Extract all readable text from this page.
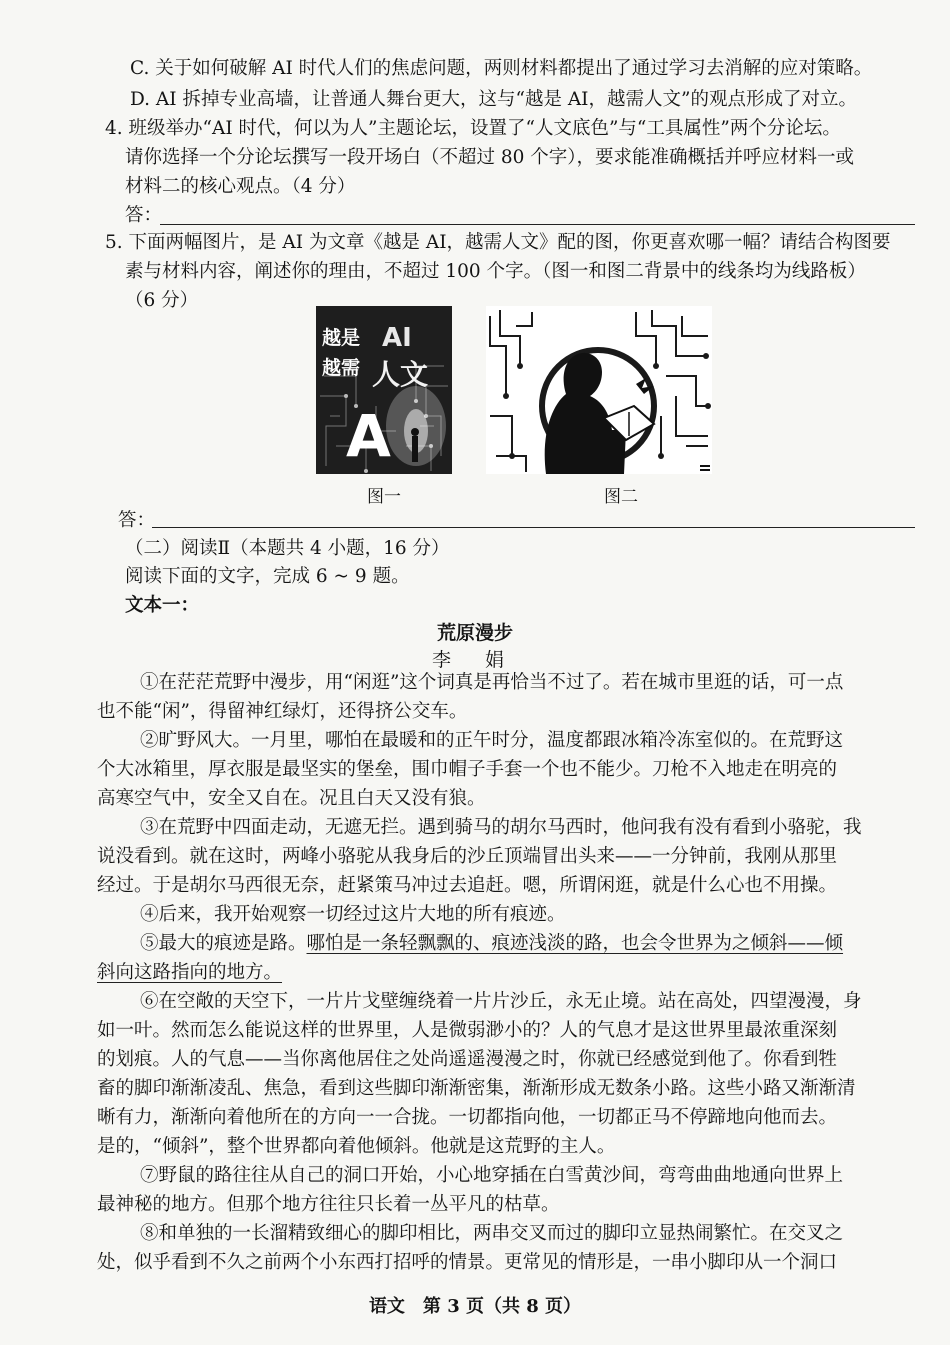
C. 关于如何破解 AI 时代人们的焦虑问题，两则材料都提出了通过学习去消解的应对策略。
D. AI 拆掉专业高墙，让普通人舞台更大，这与“越是 AI，越需人文”的观点形成了对立。
4. 班级举办“AI 时代，何以为人”主题论坛，设置了“人文底色”与“工具属性”两个分论坛。
请你选择一个分论坛撰写一段开场白（不超过 80 个字），要求能准确概括并呼应材料一或
材料二的核心观点。（4 分）
答：
5. 下面两幅图片，是 AI 为文章《越是 AI，越需人文》配的图，你更喜欢哪一幅？请结合构图要
素与材料内容，阐述你的理由，不超过 100 个字。（图一和图二背景中的线条均为线路板）
（6 分）
越是 AI
越需 人文
A
图一	图二
答：
（二）阅读Ⅱ（本题共 4 小题，16 分）
阅读下面的文字，完成 6 ~ 9 题。
文本一：
荒原漫步
李 娟
①在茫茫荒野中漫步，用“闲逛”这个词真是再恰当不过了。若在城市里逛的话，可一点
也不能“闲”，得留神红绿灯，还得挤公交车。
②旷野风大。一月里，哪怕在最暖和的正午时分，温度都跟冰箱冷冻室似的。在荒野这
个大冰箱里，厚衣服是最坚实的堡垒，围巾帽子手套一个也不能少。刀枪不入地走在明亮的
高寒空气中，安全又自在。况且白天又没有狼。
③在荒野中四面走动，无遮无拦。遇到骑马的胡尔马西时，他问我有没有看到小骆驼，我
说没看到。就在这时，两峰小骆驼从我身后的沙丘顶端冒出头来——一分钟前，我刚从那里
经过。于是胡尔马西很无奈，赶紧策马冲过去追赶。嗯，所谓闲逛，就是什么心也不用操。
④后来，我开始观察一切经过这片大地的所有痕迹。
⑤最大的痕迹是路。哪怕是一条轻飘飘的、痕迹浅淡的路，也会令世界为之倾斜——倾
斜向这路指向的地方。
⑥在空敞的天空下，一片片戈壁缠绕着一片片沙丘，永无止境。站在高处，四望漫漫，身
如一叶。然而怎么能说这样的世界里，人是微弱渺小的？人的气息才是这世界里最浓重深刻
的划痕。人的气息——当你离他居住之处尚遥遥漫漫之时，你就已经感觉到他了。你看到牲
畜的脚印渐渐凌乱、焦急，看到这些脚印渐渐密集，渐渐形成无数条小路。这些小路又渐渐清
晰有力，渐渐向着他所在的方向一一合拢。一切都指向他，一切都正马不停蹄地向他而去。
是的，“倾斜”，整个世界都向着他倾斜。他就是这荒野的主人。
⑦野鼠的路往往从自己的洞口开始，小心地穿插在白雪黄沙间，弯弯曲曲地通向世界上
最神秘的地方。但那个地方往往只长着一丛平凡的枯草。
⑧和单独的一长溜精致细心的脚印相比，两串交叉而过的脚印立显热闹繁忙。在交叉之
处，似乎看到不久之前两个小东西打招呼的情景。更常见的情形是，一串小脚印从一个洞口
语文　第 3 页（共 8 页）
